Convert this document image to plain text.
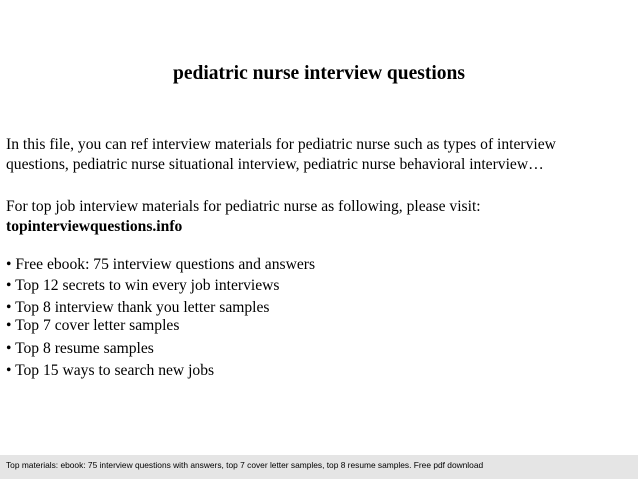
pediatric nurse interview questions

In this file, you can ref interview materials for pediatric nurse such as types of interview

questions, pediatric nurse situational interview, pediatric nurse behavioral interview…

For top job interview materials for pediatric nurse as following, please visit:

topinterviewquestions.info

• Free ebook: 75 interview questions and answers
• Top 12 secrets to win every job interviews
• Top 8 interview thank you letter samples
• Top 7 cover letter samples
• Top 8 resume samples
• Top 15 ways to search new jobs
Top materials: ebook: 75 interview questions with answers, top 7 cover letter samples, top 8 resume samples. Free pdf download
